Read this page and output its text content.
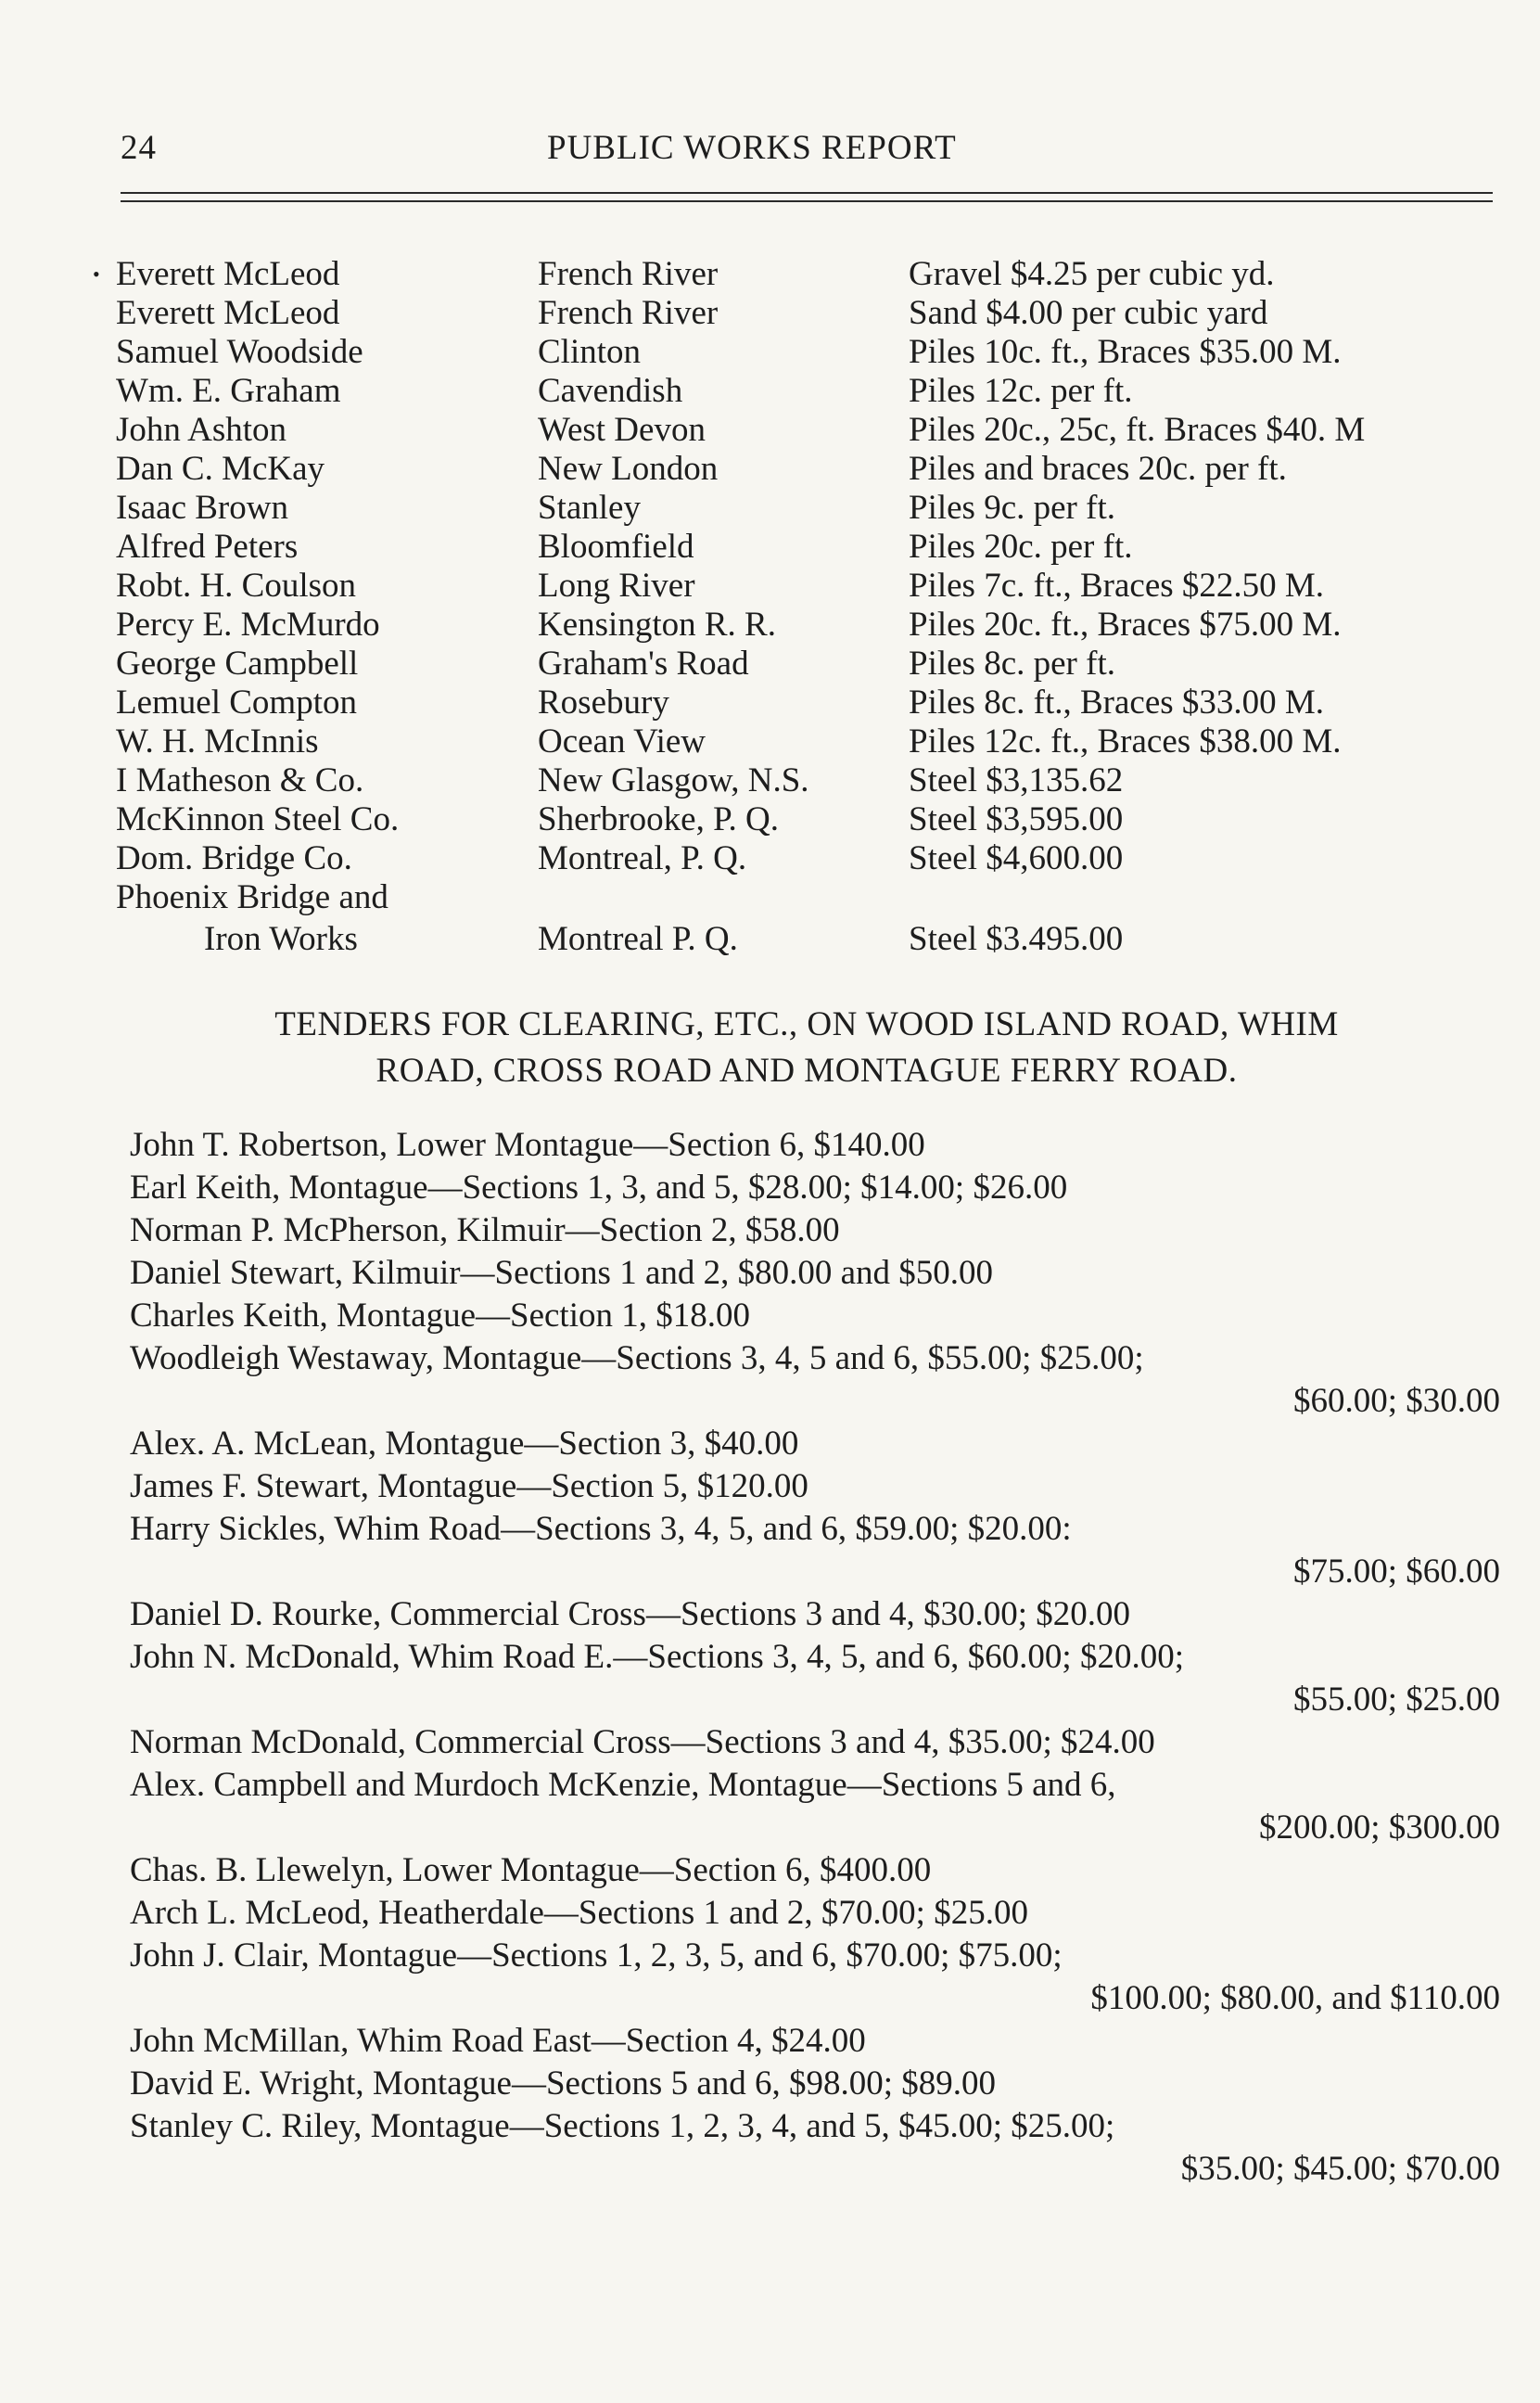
24	PUBLIC WORKS REPORT
• Everett McLeod	French River	Gravel $4.25 per cubic yd.
Everett McLeod	French River	Sand $4.00 per cubic yard
Samuel Woodside	Clinton	Piles 10c. ft., Braces $35.00 M.
Wm. E. Graham	Cavendish	Piles 12c. per ft.
John Ashton	West Devon	Piles 20c., 25c, ft. Braces $40. M
Dan C. McKay	New London	Piles and braces 20c. per ft.
Isaac Brown	Stanley	Piles 9c. per ft.
Alfred Peters	Bloomfield	Piles 20c. per ft.
Robt. H. Coulson	Long River	Piles 7c. ft., Braces $22.50 M.
Percy E. McMurdo	Kensington R. R.	Piles 20c. ft., Braces $75.00 M.
George Campbell	Graham's Road	Piles 8c. per ft.
Lemuel Compton	Rosebury	Piles 8c. ft., Braces $33.00 M.
W. H. McInnis	Ocean View	Piles 12c. ft., Braces $38.00 M.
I Matheson & Co.	New Glasgow, N.S.	Steel $3,135.62
McKinnon Steel Co.	Sherbrooke, P. Q.	Steel $3,595.00
Dom. Bridge Co.	Montreal, P. Q.	Steel $4,600.00
Phoenix Bridge and
Iron Works	Montreal P. Q.	Steel $3.495.00
TENDERS FOR CLEARING, ETC., ON WOOD ISLAND ROAD, WHIM
ROAD, CROSS ROAD AND MONTAGUE FERRY ROAD.
John T. Robertson, Lower Montague—Section 6, $140.00
Earl Keith, Montague—Sections 1, 3, and 5, $28.00; $14.00; $26.00
Norman P. McPherson, Kilmuir—Section 2, $58.00
Daniel Stewart, Kilmuir—Sections 1 and 2, $80.00 and $50.00
Charles Keith, Montague—Section 1, $18.00
Woodleigh Westaway, Montague—Sections 3, 4, 5 and 6, $55.00; $25.00;
$60.00; $30.00
Alex. A. McLean, Montague—Section 3, $40.00
James F. Stewart, Montague—Section 5, $120.00
Harry Sickles, Whim Road—Sections 3, 4, 5, and 6, $59.00; $20.00:
$75.00; $60.00
Daniel D. Rourke, Commercial Cross—Sections 3 and 4, $30.00; $20.00
John N. McDonald, Whim Road E.—Sections 3, 4, 5, and 6, $60.00; $20.00;
$55.00; $25.00
Norman McDonald, Commercial Cross—Sections 3 and 4, $35.00; $24.00
Alex. Campbell and Murdoch McKenzie, Montague—Sections 5 and 6,
$200.00; $300.00
Chas. B. Llewelyn, Lower Montague—Section 6, $400.00
Arch L. McLeod, Heatherdale—Sections 1 and 2, $70.00; $25.00
John J. Clair, Montague—Sections 1, 2, 3, 5, and 6, $70.00; $75.00;
$100.00; $80.00, and $110.00
John McMillan, Whim Road East—Section 4, $24.00
David E. Wright, Montague—Sections 5 and 6, $98.00; $89.00
Stanley C. Riley, Montague—Sections 1, 2, 3, 4, and 5, $45.00; $25.00;
$35.00; $45.00; $70.00
